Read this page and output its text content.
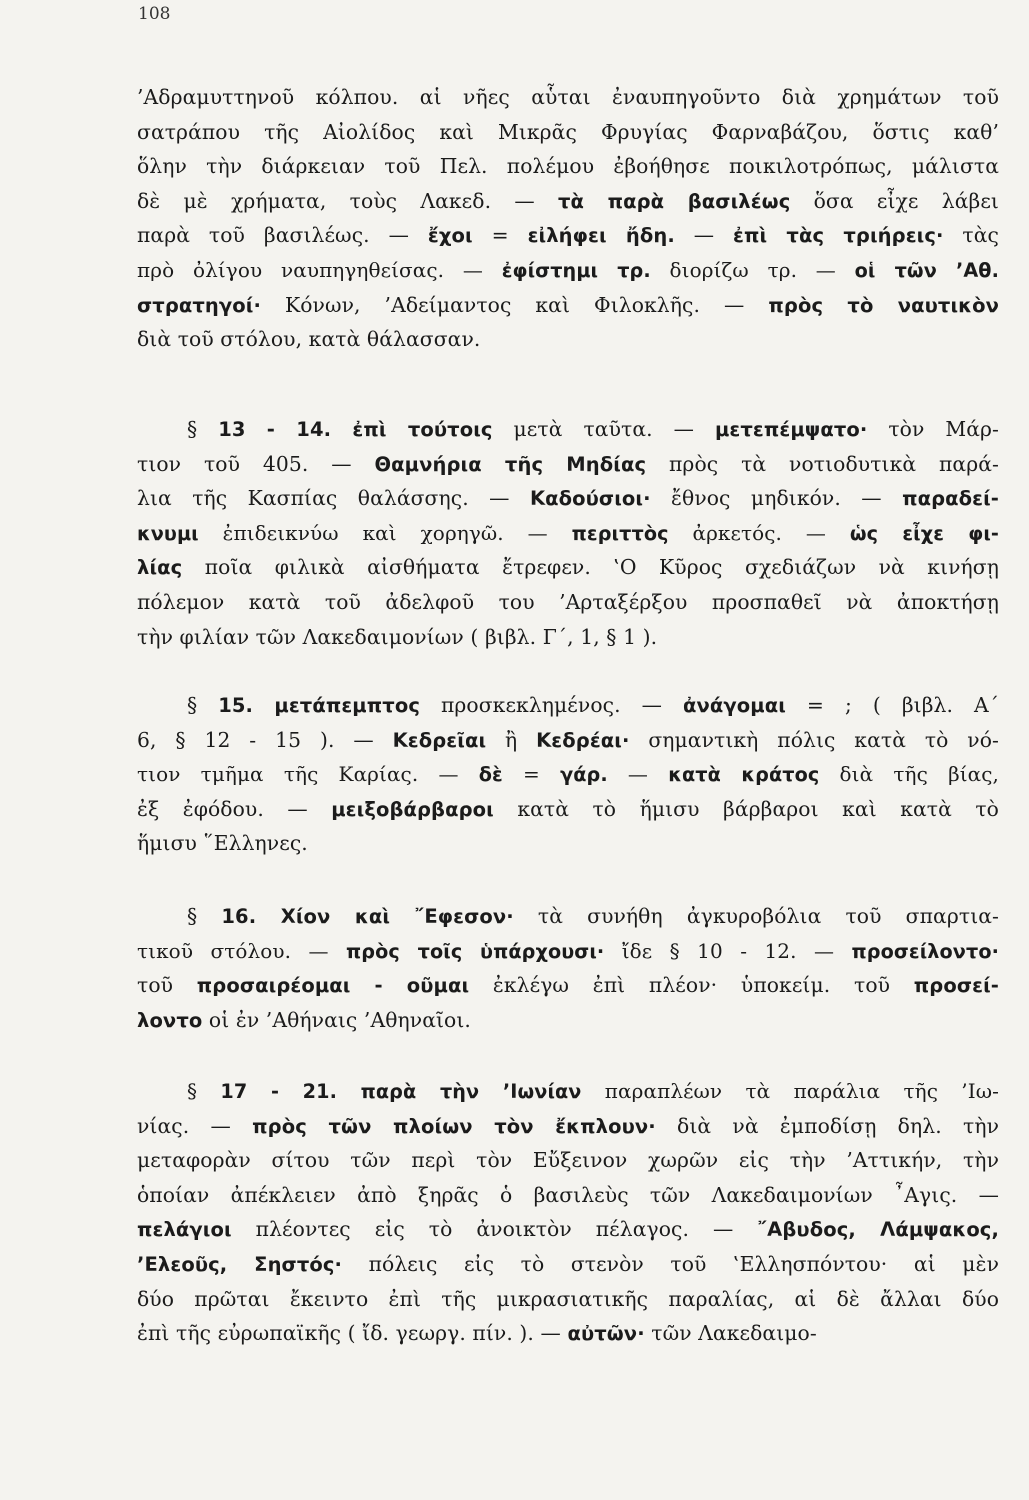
108
’Αδραμυττηνοῦ κόλπου. αἱ νῆες αὗται ἐναυπηγοῦντο διὰ χρημάτων τοῦ
σατράπου τῆς Αἰολίδος καὶ Μικρᾶς Φρυγίας Φαρναβάζου, ὅστις καθ’
ὅλην τὴν διάρκειαν τοῦ Πελ. πολέμου ἐβοήθησε ποικιλοτρόπως, μάλιστα
δὲ μὲ χρήματα, τοὺς Λακεδ. — τὰ παρὰ βασιλέως ὅσα εἶχε λάβει
παρὰ τοῦ βασιλέως. — ἔχοι = εἰλήφει ἤδη. — ἐπὶ τὰς τριήρεις· τὰς
πρὸ ὀλίγου ναυπηγηθείσας. — ἐφίστημι τρ. διορίζω τρ. — οἱ τῶν ’Αθ.
στρατηγοί· Κόνων, ’Αδείμαντος καὶ Φιλοκλῆς. — πρὸς τὸ ναυτικὸν
διὰ τοῦ στόλου, κατὰ θάλασσαν.
§ 13 - 14. ἐπὶ τούτοις μετὰ ταῦτα. — μετεπέμψατο· τὸν Μάρ-
τιον τοῦ 405. — Θαμνήρια τῆς Μηδίας πρὸς τὰ νοτιοδυτικὰ παρά-
λια τῆς Κασπίας θαλάσσης. — Καδούσιοι· ἔθνος μηδικόν. — παραδεί-
κνυμι ἐπιδεικνύω καὶ χορηγῶ. — περιττὸς ἀρκετός. — ὡς εἶχε φι-
λίας ποῖα φιλικὰ αἰσθήματα ἔτρεφεν. ‛Ο Κῦρος σχεδιάζων νὰ κινήσῃ
πόλεμον κατὰ τοῦ ἀδελφοῦ του ’Αρταξέρξου προσπαθεῖ νὰ ἀποκτήσῃ
τὴν φιλίαν τῶν Λακεδαιμονίων ( βιβλ. Γ΄, 1, § 1 ).
§ 15. μετάπεμπτος προσκεκλημένος. — ἀνάγομαι = ; ( βιβλ. Α΄
6, § 12 - 15 ). — Κεδρεῖαι ἢ Κεδρέαι· σημαντικὴ πόλις κατὰ τὸ νό-
τιον τμῆμα τῆς Καρίας. — δὲ = γάρ. — κατὰ κράτος διὰ τῆς βίας,
ἐξ ἐφόδου. — μειξοβάρβαροι κατὰ τὸ ἥμισυ βάρβαροι καὶ κατὰ τὸ
ἥμισυ ῞Ελληνες.
§ 16. Χίον καὶ ῎Εφεσον· τὰ συνήθη ἀγκυροβόλια τοῦ σπαρτια-
τικοῦ στόλου. — πρὸς τοῖς ὑπάρχουσι· ἴδε § 10 - 12. — προσείλοντο·
τοῦ προσαιρέομαι - οῦμαι ἐκλέγω ἐπὶ πλέον· ὑποκείμ. τοῦ προσεί-
λοντο οἱ ἐν ’Αθήναις ’Αθηναῖοι.
§ 17 - 21. παρὰ τὴν ’Ιωνίαν παραπλέων τὰ παράλια τῆς ’Ιω-
νίας. — πρὸς τῶν πλοίων τὸν ἔκπλουν· διὰ νὰ ἐμποδίσῃ δηλ. τὴν
μεταφορὰν σίτου τῶν περὶ τὸν Εὔξεινον χωρῶν εἰς τὴν ’Αττικήν, τὴν
ὁποίαν ἀπέκλειεν ἀπὸ ξηρᾶς ὁ βασιλεὺς τῶν Λακεδαιμονίων ῏Αγις. —
πελάγιοι πλέοντες εἰς τὸ ἀνοικτὸν πέλαγος. — ῎Αβυδος, Λάμψακος,
’Ελεοῦς, Σηστός· πόλεις εἰς τὸ στενὸν τοῦ ‛Ελλησπόντου· αἱ μὲν
δύο πρῶται ἔκειντο ἐπὶ τῆς μικρασιατικῆς παραλίας, αἱ δὲ ἄλλαι δύο
ἐπὶ τῆς εὐρωπαϊκῆς ( ἴδ. γεωργ. πίν. ). — αὐτῶν· τῶν Λακεδαιμο-
